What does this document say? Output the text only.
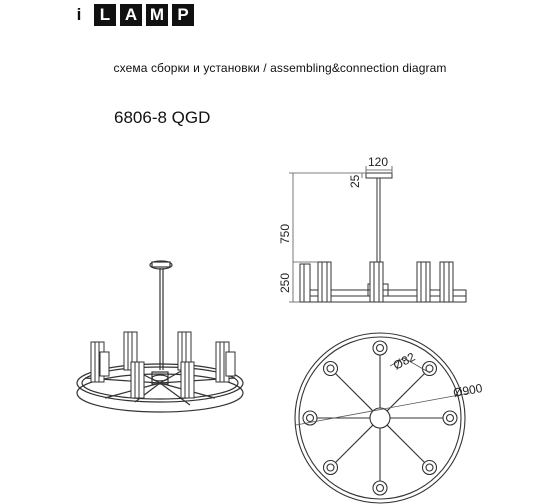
i	L A M P
схема сборки и установки / assembling&connection diagram
6806-8 QGD
120
25
750
250
Ø82
Ø900
